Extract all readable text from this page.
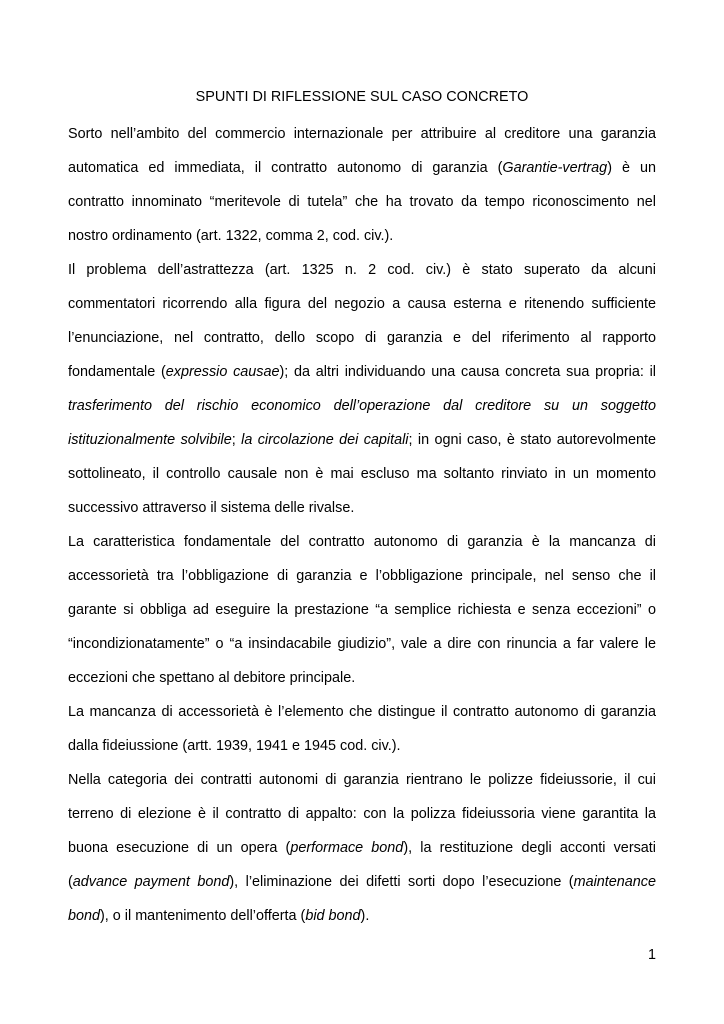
SPUNTI DI RIFLESSIONE SUL CASO CONCRETO
Sorto nell’ambito del commercio internazionale per attribuire al creditore una garanzia
automatica ed immediata, il contratto autonomo di garanzia (Garantie-vertrag) è un
contratto innominato “meritevole di tutela” che ha trovato da tempo riconoscimento nel
nostro ordinamento (art. 1322, comma 2, cod. civ.).
Il problema dell’astrattezza (art. 1325 n. 2 cod. civ.) è stato superato da alcuni
commentatori ricorrendo alla figura del negozio a causa esterna e ritenendo sufficiente
l’enunciazione, nel contratto, dello scopo di garanzia e del riferimento al rapporto
fondamentale (expressio causae); da altri individuando una causa concreta sua propria: il
trasferimento del rischio economico dell’operazione dal creditore su un soggetto
istituzionalmente solvibile; la circolazione dei capitali; in ogni caso, è stato autorevolmente
sottolineato, il controllo causale non è mai escluso ma soltanto rinviato in un momento
successivo attraverso il sistema delle rivalse.
La caratteristica fondamentale del contratto autonomo di garanzia è la mancanza di
accessorietà tra l’obbligazione di garanzia e l’obbligazione principale, nel senso che il
garante si obbliga ad eseguire la prestazione “a semplice richiesta e senza eccezioni” o
“incondizionatamente” o “a insindacabile giudizio”, vale a dire con rinuncia a far valere le
eccezioni che spettano al debitore principale.
La mancanza di accessorietà è l’elemento che distingue il contratto autonomo di garanzia
dalla fideiussione (artt. 1939, 1941 e 1945 cod. civ.).
Nella categoria dei contratti autonomi di garanzia rientrano le polizze fideiussorie, il cui
terreno di elezione è il contratto di appalto: con la polizza fideiussoria viene garantita la
buona esecuzione di un opera (performace bond), la restituzione degli acconti versati
(advance payment bond), l’eliminazione dei difetti sorti dopo l’esecuzione (maintenance
bond), o il mantenimento dell’offerta (bid bond).
1
